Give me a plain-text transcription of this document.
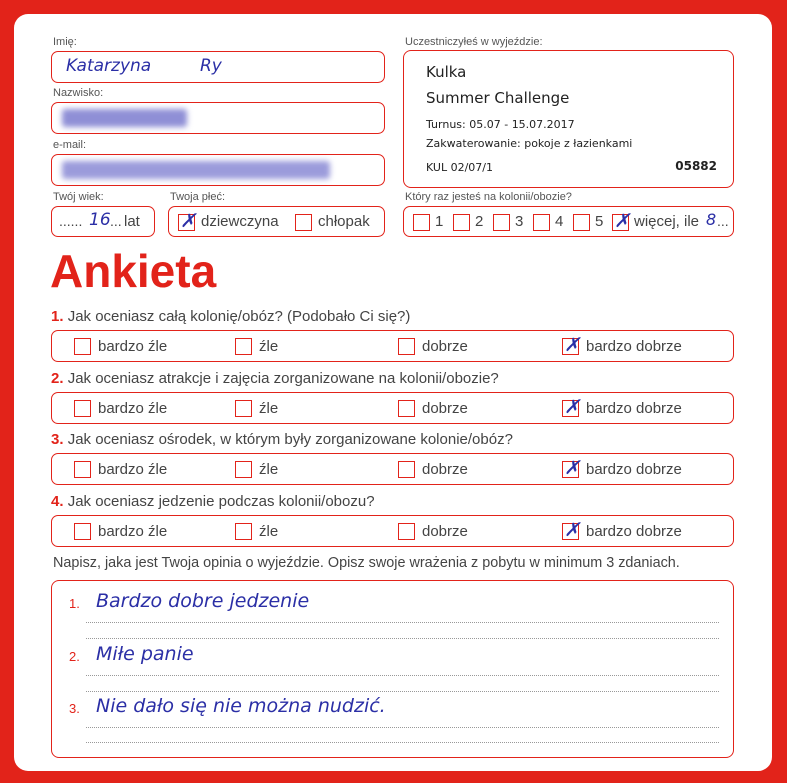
Imię:
Katarzyna	Ry
Nazwisko:
e-mail:
Twój wiek:
...... 16 ... lat
Twoja płeć:
✗
dziewczyna	chłopak
Uczestniczyłeś w wyjeździe:
Kulka
Summer Challenge
Turnus: 05.07 - 15.07.2017
Zakwaterowanie: pokoje z łazienkami
KUL 02/07/1	05882
Który raz jesteś na kolonii/obozie?
1 2 3 4 5 ✗ więcej, ile 8 ...
Ankieta
1. Jak oceniasz całą kolonię/obóz? (Podobało Ci się?)
bardzo źle	źle	dobrze ✗	bardzo dobrze
2. Jak oceniasz atrakcje i zajęcia zorganizowane na kolonii/obozie?
bardzo źle	źle	dobrze ✗	bardzo dobrze
3. Jak oceniasz ośrodek, w którym były zorganizowane kolonie/obóz?
bardzo źle	źle	dobrze ✗	bardzo dobrze
4. Jak oceniasz jedzenie podczas kolonii/obozu?
bardzo źle	źle	dobrze ✗	bardzo dobrze
Napisz, jaka jest Twoja opinia o wyjeździe. Opisz swoje wrażenia z pobytu w minimum 3 zdaniach.
1. Bardzo dobre jedzenie
2. Miłe panie
3. Nie dało się nie można nudzić.
